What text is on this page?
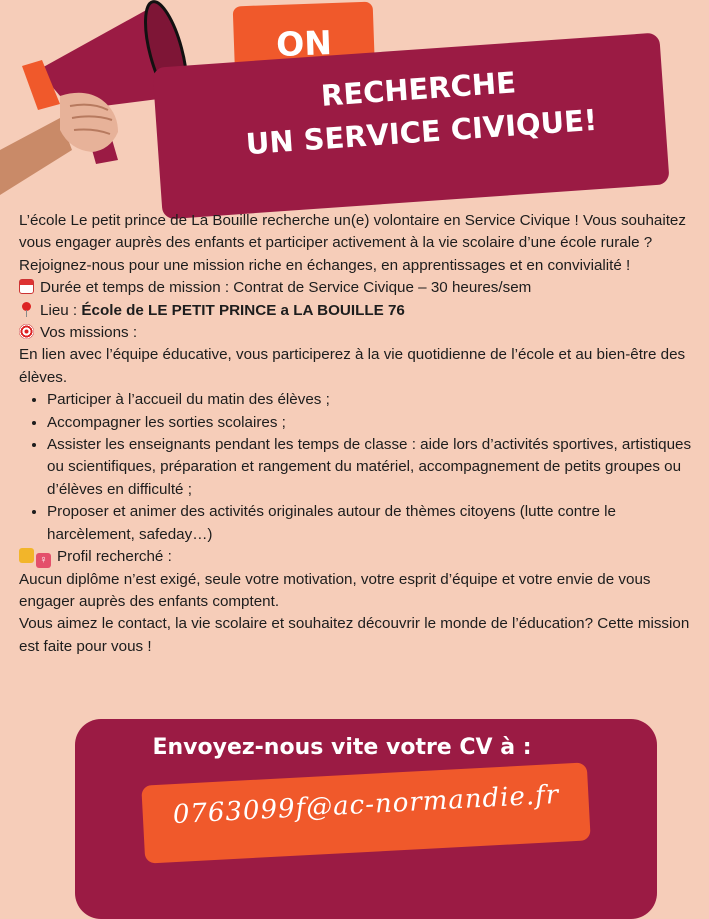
ON
RECHERCHE
UN SERVICE CIVIQUE!

L’école Le petit prince de La Bouille recherche un(e) volontaire en Service Civique ! Vous souhaitez vous engager auprès des enfants et participer activement à la vie scolaire d’une école rurale ?

Rejoignez-nous pour une mission riche en échanges, en apprentissages et en convivialité !

Durée et temps de mission : Contrat de Service Civique – 30 heures/sem

Lieu : École de LE PETIT PRINCE a LA BOUILLE 76

Vos missions :

En lien avec l’équipe éducative, vous participerez à la vie quotidienne de l’école et au bien-être des élèves.

• Participer à l’accueil du matin des élèves ;
• Accompagner les sorties scolaires ;
• Assister les enseignants pendant les temps de classe : aide lors d’activités sportives, artistiques ou scientifiques, préparation et rangement du matériel, accompagnement de petits groupes ou d’élèves en difficulté ;
• Proposer et animer des activités originales autour de thèmes citoyens (lutte contre le harcèlement, safeday…)

♀ Profil recherché :

Aucun diplôme n’est exigé, seule votre motivation, votre esprit d’équipe et votre envie de vous engager auprès des enfants comptent.

Vous aimez le contact, la vie scolaire et souhaitez découvrir le monde de l’éducation? Cette mission est faite pour vous !

Envoyez-nous vite votre CV à :
0763099f@ac-normandie.fr
